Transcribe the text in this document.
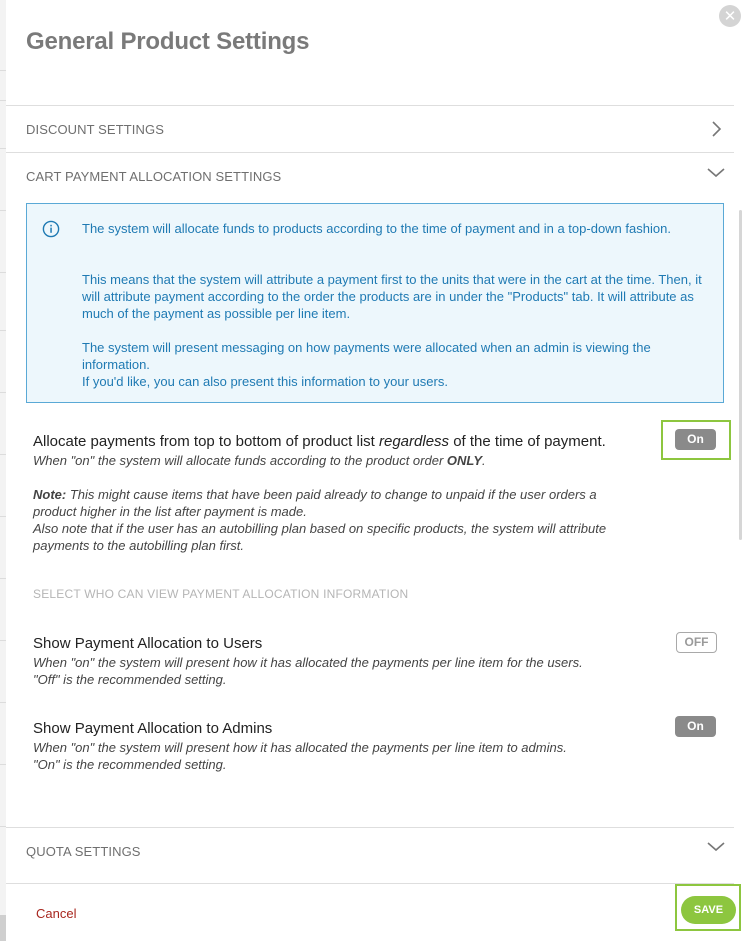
✕
General Product Settings
DISCOUNT SETTINGS
CART PAYMENT ALLOCATION SETTINGS

The system will allocate funds to products according to the time of payment and in a top-down fashion.

This means that the system will attribute a payment first to the units that were in the cart at the time. Then, it will attribute payment according to the order the products are in under the "Products" tab. It will attribute as much of the payment as possible per line item.

The system will present messaging on how payments were allocated when an admin is viewing the information.

If you'd like, you can also present this information to your users.

Allocate payments from top to bottom of product list regardless of the time of payment.

When "on" the system will allocate funds according to the product order ONLY.

Note: This might cause items that have been paid already to change to unpaid if the user orders a product higher in the list after payment is made.

Also note that if the user has an autobilling plan based on specific products, the system will attribute payments to the autobilling plan first.

On
SELECT WHO CAN VIEW PAYMENT ALLOCATION INFORMATION
Show Payment Allocation to Users

When "on" the system will present how it has allocated the payments per line item for the users.

"Off" is the recommended setting.

OFF
Show Payment Allocation to Admins

When "on" the system will present how it has allocated the payments per line item to admins.

"On" is the recommended setting.

On
QUOTA SETTINGS
Cancel	SAVE
